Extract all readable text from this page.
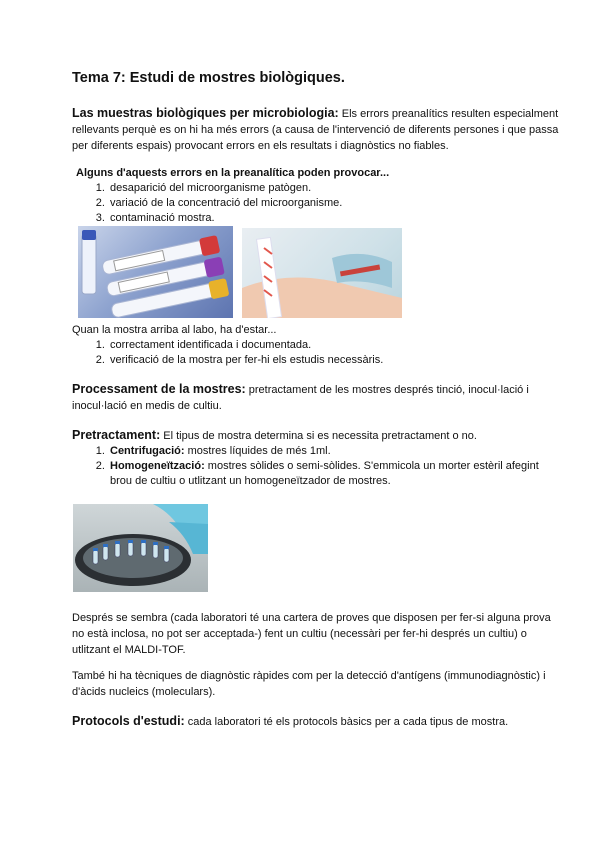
Tema 7: Estudi de mostres biològiques.

Las muestras biològiques per microbiologia: Els errors preanalítics resulten especialment rellevants perquè es on hi ha més errors (a causa de l'intervenció de diferents persones i que passa per diferents espais) provocant errors en els resultats i diagnòstics no fiables.

Alguns d'aquests errors en la preanalítica poden provocar...

1. desaparició del microorganisme patògen.
2. variació de la concentració del microorganisme.
3. contaminació mostra.

Quan la mostra arriba al labo, ha d'estar...

1. correctament identificada i documentada.
2. verificació de la mostra per fer-hi els estudis necessàris.

Processament de la mostres: pretractament de les mostres després tinció, inocul·lació i inocul·lació en medis de cultiu.

Pretractament: El tipus de mostra determina si es necessita pretractament o no.

1. Centrifugació: mostres líquides de més 1ml.
2. Homogeneïtzació: mostres sòlides o semi-sòlides. S'emmicola un morter estèril afegint brou de cultiu o utlitzant un homogeneïtzador de mostres.

Després se sembra (cada laboratori té una cartera de proves que disposen per fer-si alguna prova no està inclosa, no pot ser acceptada-) fent un cultiu (necessàri per fer-hi després un cultiu) o utlitzant el MALDI-TOF.

També hi ha tècniques de diagnòstic ràpides com per la detecció d'antígens (immunodiagnòstic) i d'àcids nucleics (moleculars).

Protocols d'estudi: cada laboratori té els protocols bàsics per a cada tipus de mostra.
